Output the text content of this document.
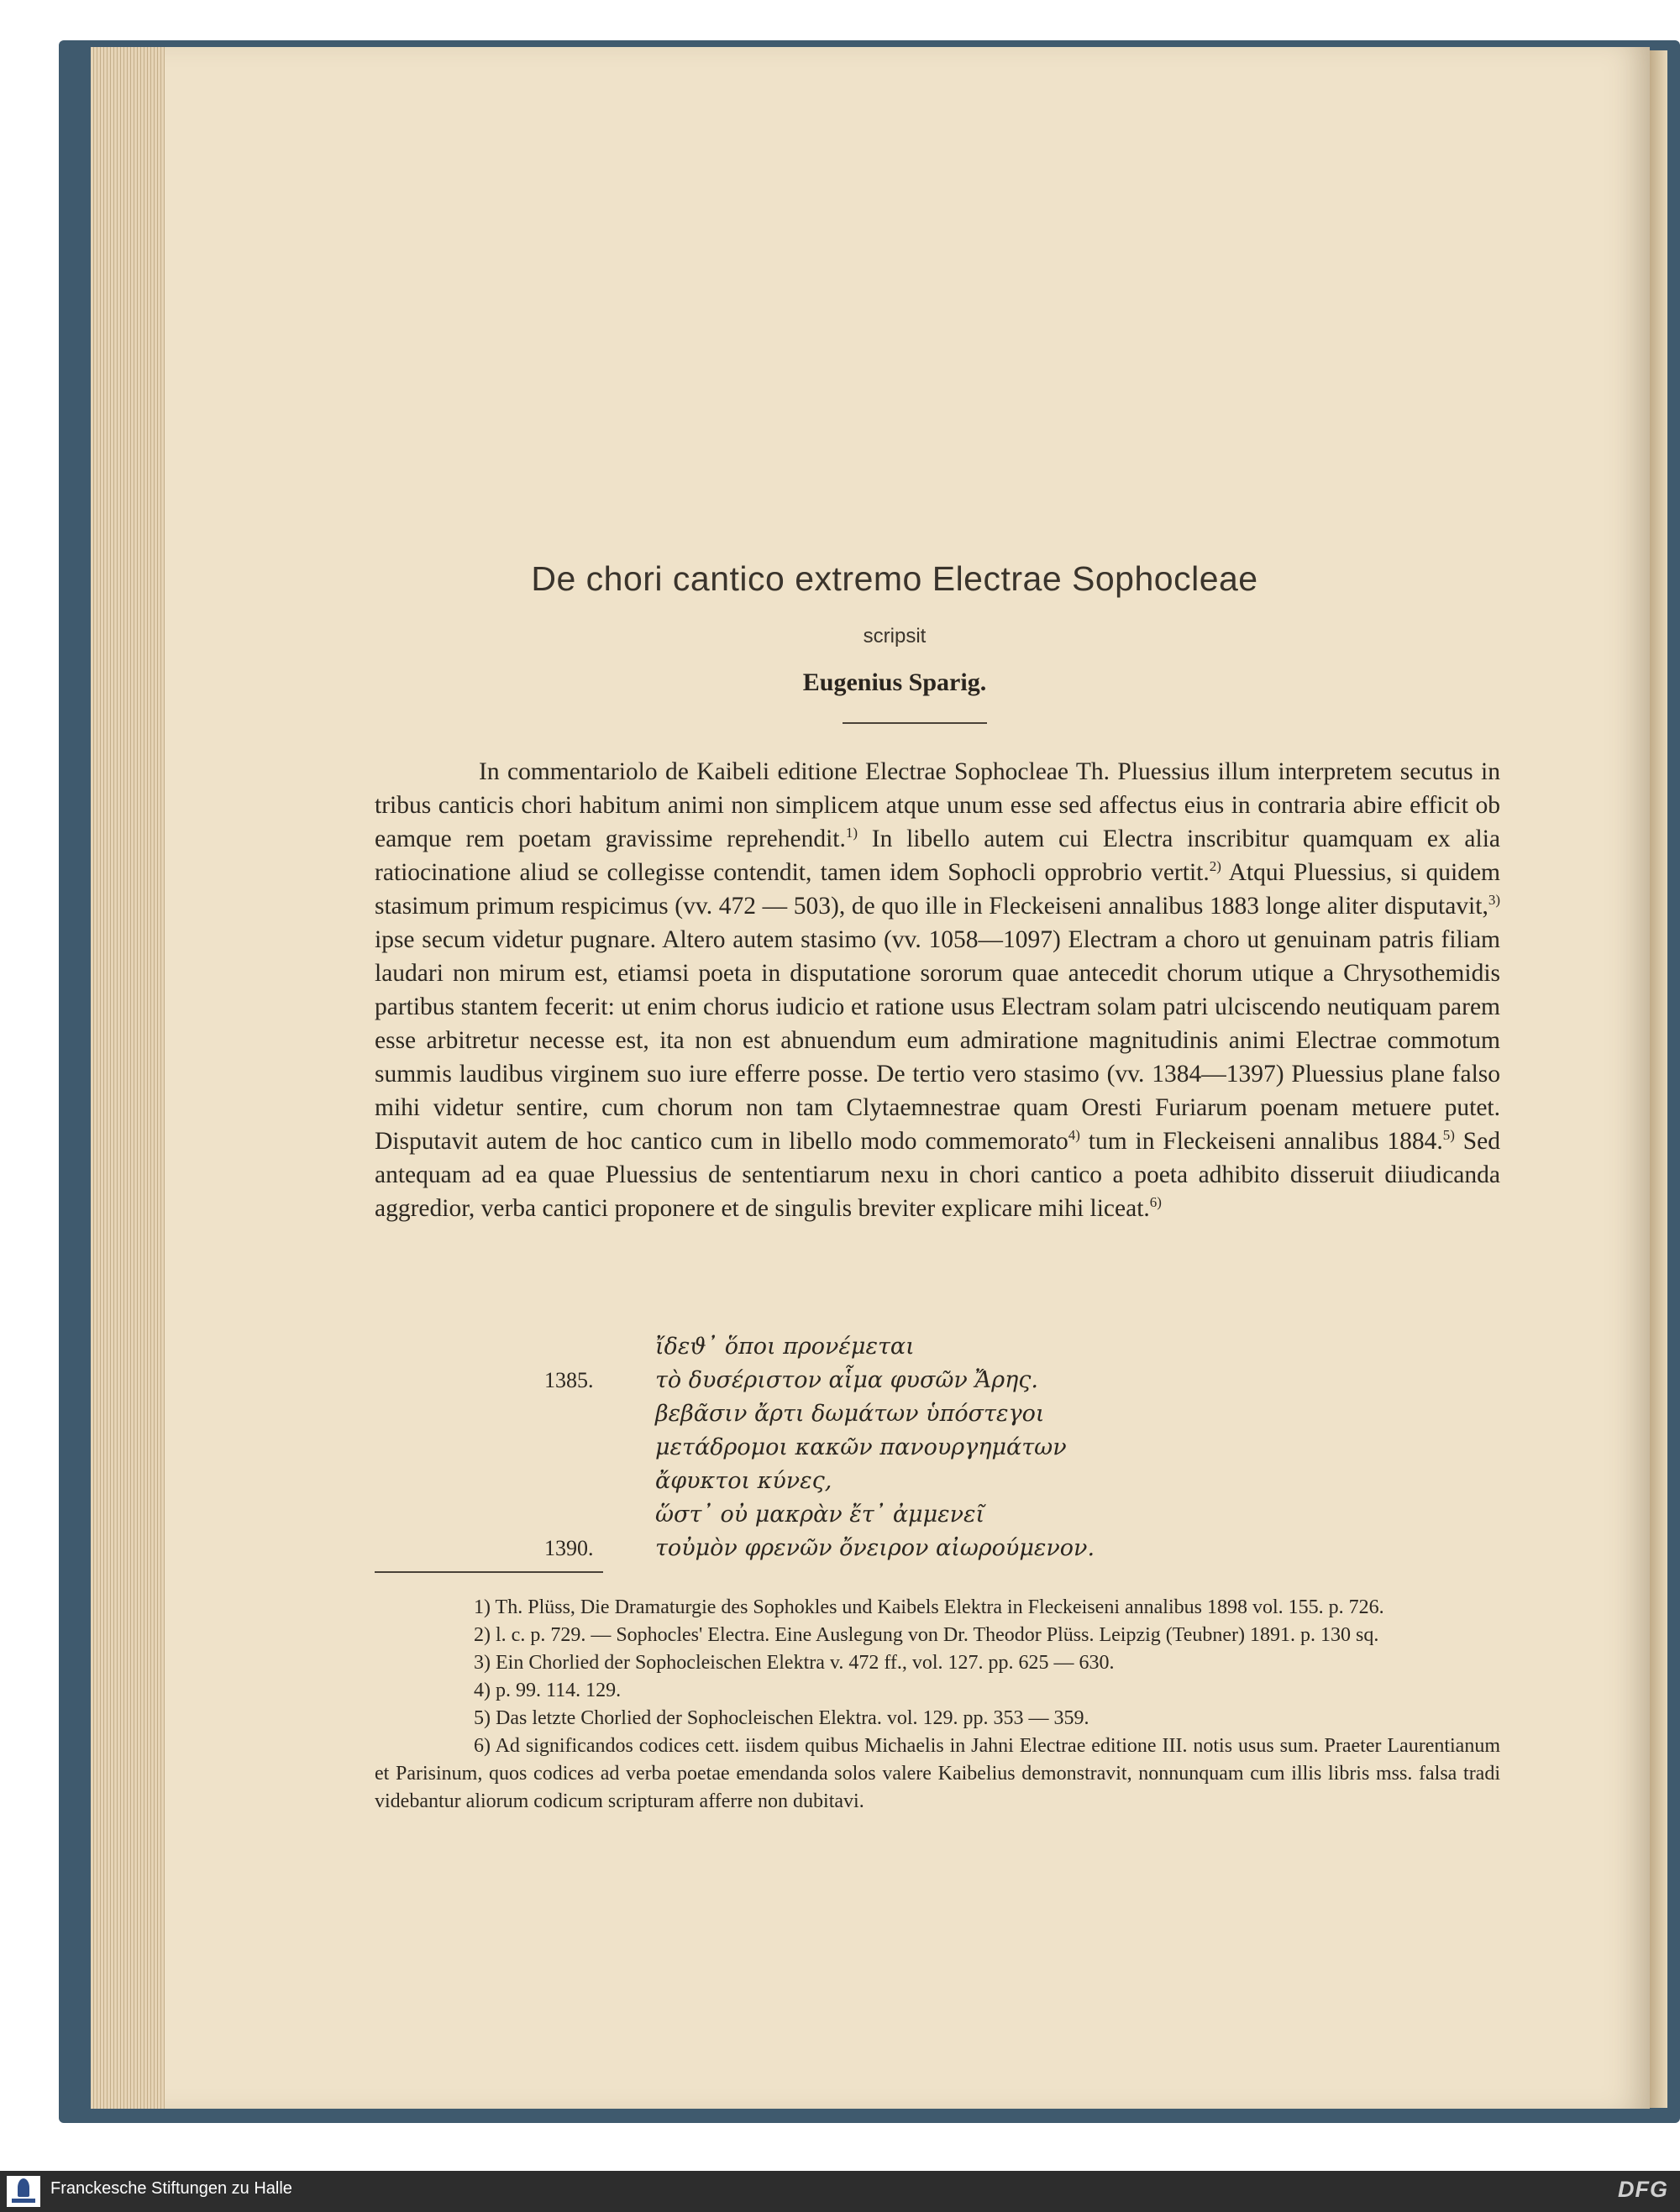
De chori cantico extremo Electrae Sophocleae
scripsit
Eugenius Sparig.

In commentariolo de Kaibeli editione Electrae Sophocleae Th. Pluessius illum interpretem secutus in tribus canticis chori habitum animi non simplicem atque unum esse sed affectus eius in contraria abire efficit ob eamque rem poetam gravissime reprehendit.$^{1)}$ In libello autem cui Electra inscribitur quamquam ex alia ratiocinatione aliud se collegisse contendit, tamen idem Sophocli opprobrio vertit.$^{2)}$ Atqui Pluessius, si quidem stasimum primum respicimus (vv. 472 — 503), de quo ille in Fleckeiseni annalibus 1883 longe aliter disputavit,$^{3)}$ ipse secum videtur pugnare. Altero autem stasimo (vv. 1058—1097) Electram a choro ut genuinam patris filiam laudari non mirum est, etiamsi poeta in disputatione sororum quae antecedit chorum utique a Chrysothemidis partibus stantem fecerit: ut enim chorus iudicio et ratione usus Electram solam patri ulciscendo neutiquam parem esse arbitretur necesse est, ita non est abnuendum eum admiratione magnitudinis animi Electrae commotum summis laudibus virginem suo iure efferre posse. De tertio vero stasimo (vv. 1384—1397) Pluessius plane falso mihi videtur sentire, cum chorum non tam Clytaemnestrae quam Oresti Furiarum poenam metuere putet. Disputavit autem de hoc cantico cum in libello modo commemorato$^{4)}$ tum in Fleckeiseni annalibus 1884.$^{5)}$ Sed antequam ad ea quae Pluessius de sententiarum nexu in chori cantico a poeta adhibito disseruit diiudicanda aggredior, verba cantici proponere et de singulis breviter explicare mihi liceat.$^{6)}$

ἴδεϑ᾽ ὅποι προνέμεται
1385.	τὸ δυσέριστον αἷμα φυσῶν Ἄρης.
βεβᾶσιν ἄρτι δωμάτων ὑπόστεγοι
μετάδρομοι κακῶν πανουργημάτων
ἄφυκτοι κύνες,
ὥστ᾽ οὐ μακρὰν ἔτ᾽ ἀμμενεῖ
1390.	τοὐμὸν φρενῶν ὄνειρον αἰωρούμενον.

1) Th. Plüss, Die Dramaturgie des Sophokles und Kaibels Elektra in Fleckeiseni annalibus 1898 vol. 155. p. 726.

2) l. c. p. 729. — Sophocles' Electra. Eine Auslegung von Dr. Theodor Plüss. Leipzig (Teubner) 1891. p. 130 sq.

3) Ein Chorlied der Sophocleischen Elektra v. 472 ff., vol. 127. pp. 625 — 630.

4) p. 99. 114. 129.

5) Das letzte Chorlied der Sophocleischen Elektra. vol. 129. pp. 353 — 359.

6) Ad significandos codices cett. iisdem quibus Michaelis in Jahni Electrae editione III. notis usus sum. Praeter Laurentianum et Parisinum, quos codices ad verba poetae emendanda solos valere Kaibelius demonstravit, nonnunquam cum illis libris mss. falsa tradi videbantur aliorum codicum scripturam afferre non dubitavi.

Franckesche Stiftungen zu Halle	DFG
